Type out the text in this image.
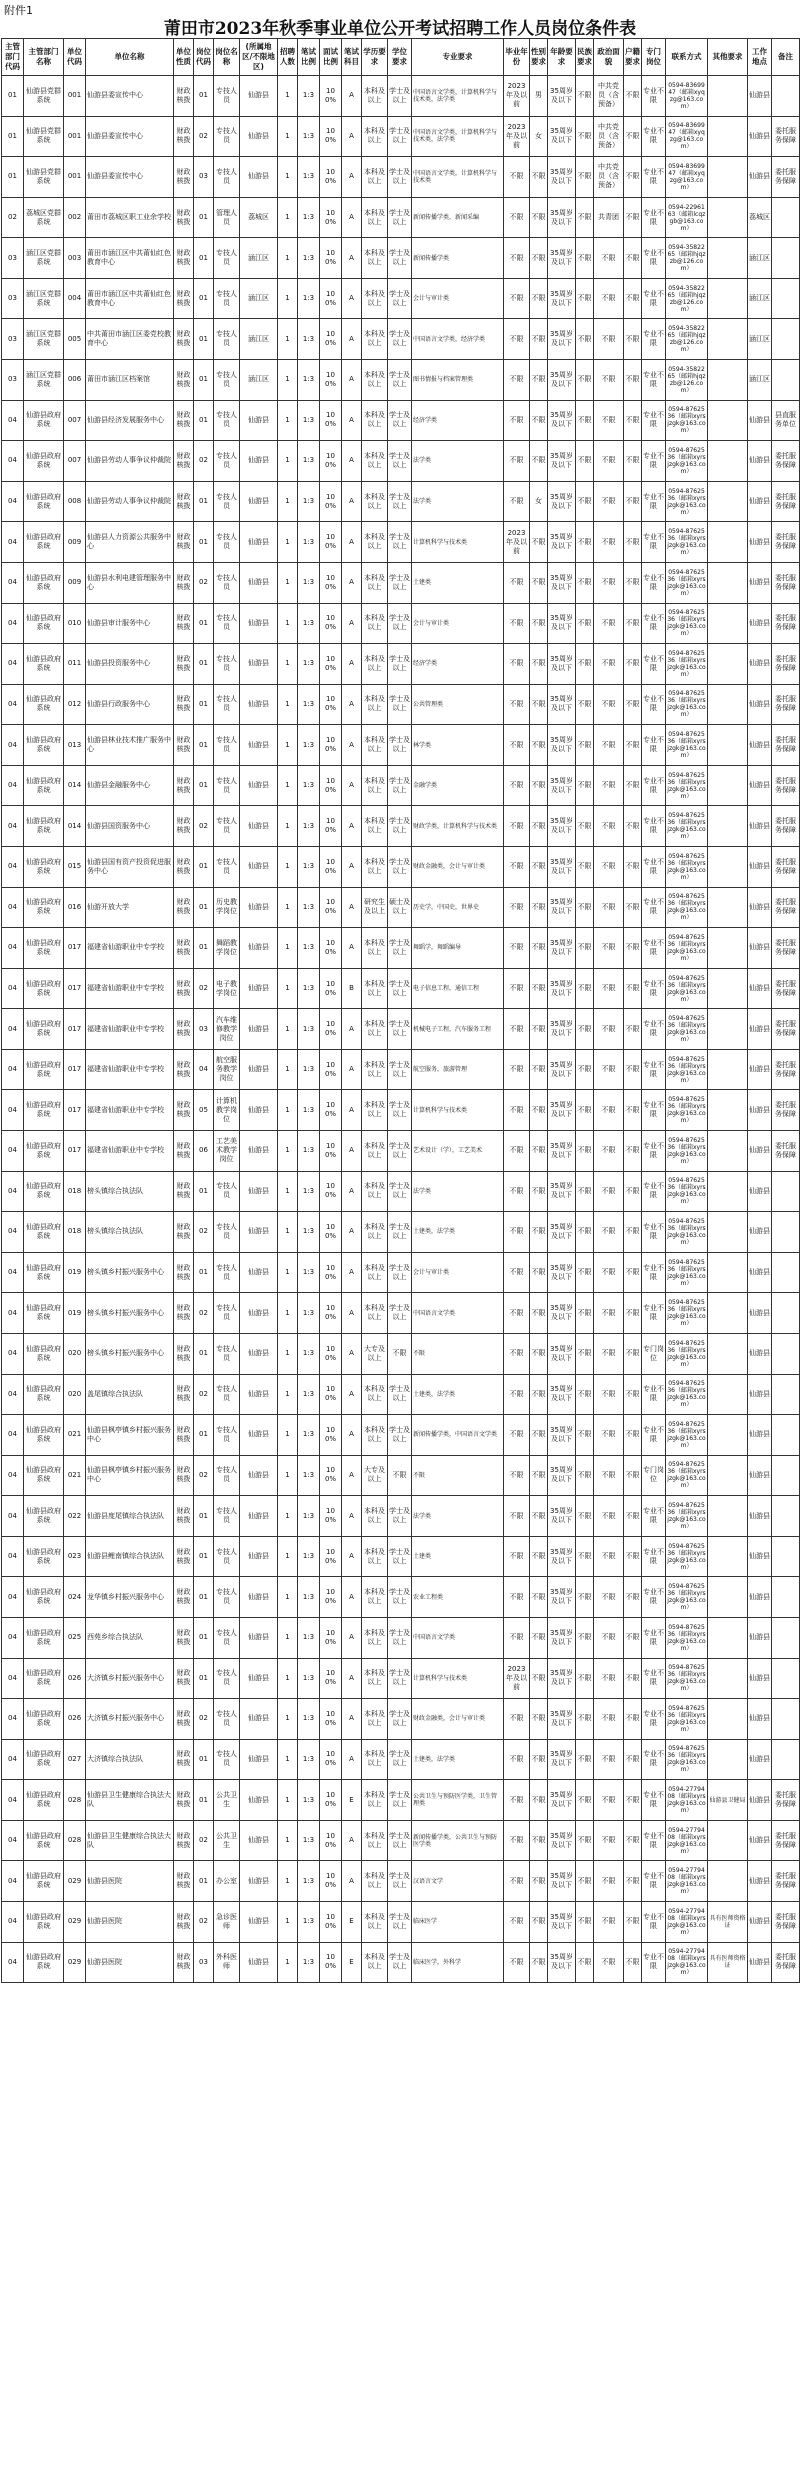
附件1
莆田市2023年秋季事业单位公开考试招聘工作人员岗位条件表
主管部门代码	主管部门名称	单位代码	单位名称	单位性质	岗位代码	岗位名称	(所属地区/不限地区)	招聘人数	笔试比例	面试比例	笔试科目	学历要求	学位要求	专业要求	毕业年份	性别要求	年龄要求	民族要求	政治面貌	户籍要求	专门岗位	联系方式	其他要求	工作地点	备注
01	仙游县党群系统	001	仙游县委宣传中心	财政核拨	01	专技人员	仙游县	1	1:3	100%	A	本科及以上	学士及以上	中国语言文学类，计算机科学与技术类，法学类	2023年及以前	男	35周岁及以下	不限	中共党员（含预备）	不限	专业不限	0594-8369947（邮箱xyqzg@163.com）		仙游县	
01	仙游县党群系统	001	仙游县委宣传中心	财政核拨	02	专技人员	仙游县	1	1:3	100%	A	本科及以上	学士及以上	中国语言文学类，计算机科学与技术类，法学类	2023年及以前	女	35周岁及以下	不限	中共党员（含预备）	不限	专业不限	0594-8369947（邮箱xyqzg@163.com）		仙游县	委托服务保障
01	仙游县党群系统	001	仙游县委宣传中心	财政核拨	03	专技人员	仙游县	1	1:3	100%	A	本科及以上	学士及以上	中国语言文学类，计算机科学与技术类	不限	不限	35周岁及以下	不限	中共党员（含预备）	不限	专业不限	0594-8369947（邮箱xyqzg@163.com）		仙游县	委托服务保障
02	荔城区党群系统	002	莆田市荔城区职工业余学校	财政核拨	01	管理人员	荔城区	1	1:3	100%	A	本科及以上	学士及以上	新闻传播学类，新闻采编	不限	不限	35周岁及以下	不限	共青团	不限	专业不限	0594-2296163（邮箱lcqzgb@163.com）		荔城区	
03	涵江区党群系统	003	莆田市涵江区中共莆仙红色教育中心	财政核拨	01	专技人员	涵江区	1	1:3	100%	A	本科及以上	学士及以上	新闻传播学类	不限	不限	35周岁及以下	不限	不限	不限	专业不限	0594-3582265（邮箱hjqzzb@126.com）		涵江区	
03	涵江区党群系统	004	莆田市涵江区中共莆仙红色教育中心	财政核拨	01	专技人员	涵江区	1	1:3	100%	A	本科及以上	学士及以上	会计与审计类	不限	不限	35周岁及以下	不限	不限	不限	专业不限	0594-3582265（邮箱hjqzzb@126.com）		涵江区	
03	涵江区党群系统	005	中共莆田市涵江区委党校教育中心	财政核拨	01	专技人员	涵江区	1	1:3	100%	A	本科及以上	学士及以上	中国语言文学类，经济学类	不限	不限	35周岁及以下	不限	不限	不限	专业不限	0594-3582265（邮箱hjqzzb@126.com）		涵江区	
03	涵江区党群系统	006	莆田市涵江区档案馆	财政核拨	01	专技人员	涵江区	1	1:3	100%	A	本科及以上	学士及以上	图书情报与档案管理类	不限	不限	35周岁及以下	不限	不限	不限	专业不限	0594-3582265（邮箱hjqzzb@126.com）		涵江区	
04	仙游县政府系统	007	仙游县经济发展服务中心	财政核拨	01	专技人员	仙游县	1	1:3	100%	A	本科及以上	学士及以上	经济学类	不限	不限	35周岁及以下	不限	不限	不限	专业不限	0594-8762536（邮箱xyrsjzgk@163.com）		仙游县	县直服务单位
04	仙游县政府系统	007	仙游县劳动人事争议仲裁院	财政核拨	02	专技人员	仙游县	1	1:3	100%	A	本科及以上	学士及以上	法学类	不限	不限	35周岁及以下	不限	不限	不限	专业不限	0594-8762536（邮箱xyrsjzgk@163.com）		仙游县	委托服务保障
04	仙游县政府系统	008	仙游县劳动人事争议仲裁院	财政核拨	01	专技人员	仙游县	1	1:3	100%	A	本科及以上	学士及以上	法学类	不限	女	35周岁及以下	不限	不限	不限	专业不限	0594-8762536（邮箱xyrsjzgk@163.com）		仙游县	委托服务保障
04	仙游县政府系统	009	仙游县人力资源公共服务中心	财政核拨	01	专技人员	仙游县	1	1:3	100%	A	本科及以上	学士及以上	计算机科学与技术类	2023年及以前	不限	35周岁及以下	不限	不限	不限	专业不限	0594-8762536（邮箱xyrsjzgk@163.com）		仙游县	委托服务保障
04	仙游县政府系统	009	仙游县水利电建管理服务中心	财政核拨	02	专技人员	仙游县	1	1:3	100%	A	本科及以上	学士及以上	土建类	不限	不限	35周岁及以下	不限	不限	不限	专业不限	0594-8762536（邮箱xyrsjzgk@163.com）		仙游县	委托服务保障
04	仙游县政府系统	010	仙游县审计服务中心	财政核拨	01	专技人员	仙游县	1	1:3	100%	A	本科及以上	学士及以上	会计与审计类	不限	不限	35周岁及以下	不限	不限	不限	专业不限	0594-8762536（邮箱xyrsjzgk@163.com）		仙游县	委托服务保障
04	仙游县政府系统	011	仙游县投资服务中心	财政核拨	01	专技人员	仙游县	1	1:3	100%	A	本科及以上	学士及以上	经济学类	不限	不限	35周岁及以下	不限	不限	不限	专业不限	0594-8762536（邮箱xyrsjzgk@163.com）		仙游县	委托服务保障
04	仙游县政府系统	012	仙游县行政服务中心	财政核拨	01	专技人员	仙游县	1	1:3	100%	A	本科及以上	学士及以上	公共管理类	不限	不限	35周岁及以下	不限	不限	不限	专业不限	0594-8762536（邮箱xyrsjzgk@163.com）		仙游县	委托服务保障
04	仙游县政府系统	013	仙游县林业技术推广服务中心	财政核拨	01	专技人员	仙游县	1	1:3	100%	A	本科及以上	学士及以上	林学类	不限	不限	35周岁及以下	不限	不限	不限	专业不限	0594-8762536（邮箱xyrsjzgk@163.com）		仙游县	委托服务保障
04	仙游县政府系统	014	仙游县金融服务中心	财政核拨	01	专技人员	仙游县	1	1:3	100%	A	本科及以上	学士及以上	金融学类	不限	不限	35周岁及以下	不限	不限	不限	专业不限	0594-8762536（邮箱xyrsjzgk@163.com）		仙游县	委托服务保障
04	仙游县政府系统	014	仙游县国资服务中心	财政核拨	02	专技人员	仙游县	1	1:3	100%	A	本科及以上	学士及以上	财政学类，计算机科学与技术类	不限	不限	35周岁及以下	不限	不限	不限	专业不限	0594-8762536（邮箱xyrsjzgk@163.com）		仙游县	委托服务保障
04	仙游县政府系统	015	仙游县国有资产投资促进服务中心	财政核拨	01	专技人员	仙游县	1	1:3	100%	A	本科及以上	学士及以上	财政金融类，会计与审计类	不限	不限	35周岁及以下	不限	不限	不限	专业不限	0594-8762536（邮箱xyrsjzgk@163.com）		仙游县	委托服务保障
04	仙游县政府系统	016	仙游开放大学	财政核拨	01	历史教学岗位	仙游县	1	1:3	100%	A	研究生及以上	硕士及以上	历史学，中国史，世界史	不限	不限	35周岁及以下	不限	不限	不限	专业不限	0594-8762536（邮箱xyrsjzgk@163.com）		仙游县	委托服务保障
04	仙游县政府系统	017	福建省仙游职业中专学校	财政核拨	01	舞蹈教学岗位	仙游县	1	1:3	100%	A	本科及以上	学士及以上	舞蹈学，舞蹈编导	不限	不限	35周岁及以下	不限	不限	不限	专业不限	0594-8762536（邮箱xyrsjzgk@163.com）		仙游县	委托服务保障
04	仙游县政府系统	017	福建省仙游职业中专学校	财政核拨	02	电子教学岗位	仙游县	1	1:3	100%	B	本科及以上	学士及以上	电子信息工程，通信工程	不限	不限	35周岁及以下	不限	不限	不限	专业不限	0594-8762536（邮箱xyrsjzgk@163.com）		仙游县	委托服务保障
04	仙游县政府系统	017	福建省仙游职业中专学校	财政核拨	03	汽车维修教学岗位	仙游县	1	1:3	100%	A	本科及以上	学士及以上	机械电子工程，汽车服务工程	不限	不限	35周岁及以下	不限	不限	不限	专业不限	0594-8762536（邮箱xyrsjzgk@163.com）		仙游县	委托服务保障
04	仙游县政府系统	017	福建省仙游职业中专学校	财政核拨	04	航空服务教学岗位	仙游县	1	1:3	100%	A	本科及以上	学士及以上	航空服务，旅游管理	不限	不限	35周岁及以下	不限	不限	不限	专业不限	0594-8762536（邮箱xyrsjzgk@163.com）		仙游县	委托服务保障
04	仙游县政府系统	017	福建省仙游职业中专学校	财政核拨	05	计算机教学岗位	仙游县	1	1:3	100%	A	本科及以上	学士及以上	计算机科学与技术类	不限	不限	35周岁及以下	不限	不限	不限	专业不限	0594-8762536（邮箱xyrsjzgk@163.com）		仙游县	委托服务保障
04	仙游县政府系统	017	福建省仙游职业中专学校	财政核拨	06	工艺美术教学岗位	仙游县	1	1:3	100%	A	本科及以上	学士及以上	艺术设计（学），工艺美术	不限	不限	35周岁及以下	不限	不限	不限	专业不限	0594-8762536（邮箱xyrsjzgk@163.com）		仙游县	委托服务保障
04	仙游县政府系统	018	榜头镇综合执法队	财政核拨	01	专技人员	仙游县	1	1:3	100%	A	本科及以上	学士及以上	法学类	不限	不限	35周岁及以下	不限	不限	不限	专业不限	0594-8762536（邮箱xyrsjzgk@163.com）		仙游县	
04	仙游县政府系统	018	榜头镇综合执法队	财政核拨	02	专技人员	仙游县	1	1:3	100%	A	本科及以上	学士及以上	土建类，法学类	不限	不限	35周岁及以下	不限	不限	不限	专业不限	0594-8762536（邮箱xyrsjzgk@163.com）		仙游县	
04	仙游县政府系统	019	榜头镇乡村振兴服务中心	财政核拨	01	专技人员	仙游县	1	1:3	100%	A	本科及以上	学士及以上	会计与审计类	不限	不限	35周岁及以下	不限	不限	不限	专业不限	0594-8762536（邮箱xyrsjzgk@163.com）		仙游县	
04	仙游县政府系统	019	榜头镇乡村振兴服务中心	财政核拨	02	专技人员	仙游县	1	1:3	100%	A	本科及以上	学士及以上	中国语言文学类	不限	不限	35周岁及以下	不限	不限	不限	专业不限	0594-8762536（邮箱xyrsjzgk@163.com）		仙游县	
04	仙游县政府系统	020	榜头镇乡村振兴服务中心	财政核拨	01	专技人员	仙游县	1	1:3	100%	A	大专及以上	不限	不限	不限	不限	35周岁及以下	不限	不限	不限	专门岗位	0594-8762536（邮箱xyrsjzgk@163.com）		仙游县	
04	仙游县政府系统	020	盖尾镇综合执法队	财政核拨	02	专技人员	仙游县	1	1:3	100%	A	本科及以上	学士及以上	土建类，法学类	不限	不限	35周岁及以下	不限	不限	不限	专业不限	0594-8762536（邮箱xyrsjzgk@163.com）		仙游县	
04	仙游县政府系统	021	仙游县枫亭镇乡村振兴服务中心	财政核拨	01	专技人员	仙游县	1	1:3	100%	A	本科及以上	学士及以上	新闻传播学类，中国语言文学类	不限	不限	35周岁及以下	不限	不限	不限	专业不限	0594-8762536（邮箱xyrsjzgk@163.com）		仙游县	
04	仙游县政府系统	021	仙游县枫亭镇乡村振兴服务中心	财政核拨	02	专技人员	仙游县	1	1:3	100%	A	大专及以上	不限	不限	不限	不限	35周岁及以下	不限	不限	不限	专门岗位	0594-8762536（邮箱xyrsjzgk@163.com）		仙游县	
04	仙游县政府系统	022	仙游县度尾镇综合执法队	财政核拨	01	专技人员	仙游县	1	1:3	100%	A	本科及以上	学士及以上	法学类	不限	不限	35周岁及以下	不限	不限	不限	专业不限	0594-8762536（邮箱xyrsjzgk@163.com）		仙游县	
04	仙游县政府系统	023	仙游县鲤南镇综合执法队	财政核拨	01	专技人员	仙游县	1	1:3	100%	A	本科及以上	学士及以上	土建类	不限	不限	35周岁及以下	不限	不限	不限	专业不限	0594-8762536（邮箱xyrsjzgk@163.com）		仙游县	
04	仙游县政府系统	024	龙华镇乡村振兴服务中心	财政核拨	01	专技人员	仙游县	1	1:3	100%	A	本科及以上	学士及以上	农业工程类	不限	不限	35周岁及以下	不限	不限	不限	专业不限	0594-8762536（邮箱xyrsjzgk@163.com）		仙游县	
04	仙游县政府系统	025	西苑乡综合执法队	财政核拨	01	专技人员	仙游县	1	1:3	100%	A	本科及以上	学士及以上	中国语言文学类	不限	不限	35周岁及以下	不限	不限	不限	专业不限	0594-8762536（邮箱xyrsjzgk@163.com）		仙游县	
04	仙游县政府系统	026	大济镇乡村振兴服务中心	财政核拨	01	专技人员	仙游县	1	1:3	100%	A	本科及以上	学士及以上	计算机科学与技术类	2023年及以前	不限	35周岁及以下	不限	不限	不限	专业不限	0594-8762536（邮箱xyrsjzgk@163.com）		仙游县	
04	仙游县政府系统	026	大济镇乡村振兴服务中心	财政核拨	02	专技人员	仙游县	1	1:3	100%	A	本科及以上	学士及以上	财政金融类，会计与审计类	不限	不限	35周岁及以下	不限	不限	不限	专业不限	0594-8762536（邮箱xyrsjzgk@163.com）		仙游县	
04	仙游县政府系统	027	大济镇综合执法队	财政核拨	01	专技人员	仙游县	1	1:3	100%	A	本科及以上	学士及以上	土建类，法学类	不限	不限	35周岁及以下	不限	不限	不限	专业不限	0594-8762536（邮箱xyrsjzgk@163.com）		仙游县	
04	仙游县政府系统	028	仙游县卫生健康综合执法大队	财政核拨	01	公共卫生	仙游县	1	1:3	100%	E	本科及以上	学士及以上	公共卫生与预防医学类，卫生管理类	不限	不限	35周岁及以下	不限	不限	不限	专业不限	0594-2779408（邮箱xyrsjzgk@163.com）	仙游县卫健局	仙游县	委托服务保障
04	仙游县政府系统	028	仙游县卫生健康综合执法大队	财政核拨	02	公共卫生	仙游县	1	1:3	100%	A	本科及以上	学士及以上	新闻传播学类，公共卫生与预防医学类	不限	不限	35周岁及以下	不限	不限	不限	专业不限	0594-2779408（邮箱xyrsjzgk@163.com）		仙游县	委托服务保障
04	仙游县政府系统	029	仙游县医院	财政核拨	01	办公室	仙游县	1	1:3	100%	A	本科及以上	学士及以上	汉语言文学	不限	不限	35周岁及以下	不限	不限	不限	专业不限	0594-2779408（邮箱xyrsjzgk@163.com）		仙游县	委托服务保障
04	仙游县政府系统	029	仙游县医院	财政核拨	02	急诊医师	仙游县	1	1:3	100%	E	本科及以上	学士及以上	临床医学	不限	不限	35周岁及以下	不限	不限	不限	专业不限	0594-2779408（邮箱xyrsjzgk@163.com）	具有医师资格证	仙游县	委托服务保障
04	仙游县政府系统	029	仙游县医院	财政核拨	03	外科医师	仙游县	1	1:3	100%	E	本科及以上	学士及以上	临床医学，外科学	不限	不限	35周岁及以下	不限	不限	不限	专业不限	0594-2779408（邮箱xyrsjzgk@163.com）	具有医师资格证	仙游县	委托服务保障
